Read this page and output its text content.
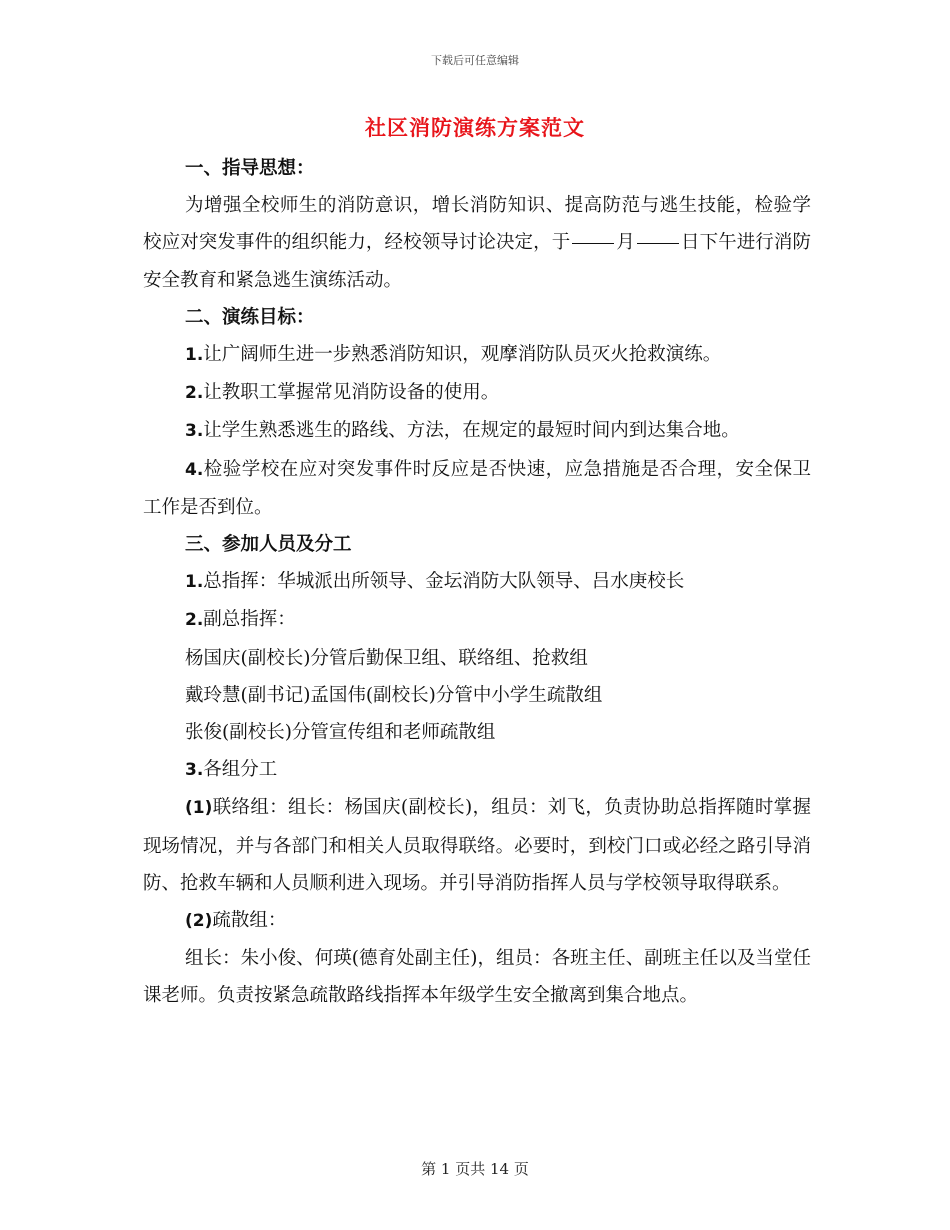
下载后可任意编辑
社区消防演练方案范文

一、指导思想：

为增强全校师生的消防意识，增长消防知识、提高防范与逃生技能，检验学校应对突发事件的组织能力，经校领导讨论决定，于 月 日下午进行消防安全教育和紧急逃生演练活动。

二、演练目标：

1.让广阔师生进一步熟悉消防知识，观摩消防队员灭火抢救演练。

2.让教职工掌握常见消防设备的使用。

3.让学生熟悉逃生的路线、方法，在规定的最短时间内到达集合地。

4.检验学校在应对突发事件时反应是否快速，应急措施是否合理，安全保卫工作是否到位。

三、参加人员及分工

1.总指挥：华城派出所领导、金坛消防大队领导、吕水庚校长

2.副总指挥：

杨国庆(副校长)分管后勤保卫组、联络组、抢救组

戴玲慧(副书记)孟国伟(副校长)分管中小学生疏散组

张俊(副校长)分管宣传组和老师疏散组

3.各组分工

(1)联络组：组长：杨国庆(副校长)，组员：刘飞，负责协助总指挥随时掌握现场情况，并与各部门和相关人员取得联络。必要时，到校门口或必经之路引导消防、抢救车辆和人员顺利进入现场。并引导消防指挥人员与学校领导取得联系。

(2)疏散组：

组长：朱小俊、何瑛(德育处副主任)，组员：各班主任、副班主任以及当堂任课老师。负责按紧急疏散路线指挥本年级学生安全撤离到集合地点。

第 1 页共 14 页
